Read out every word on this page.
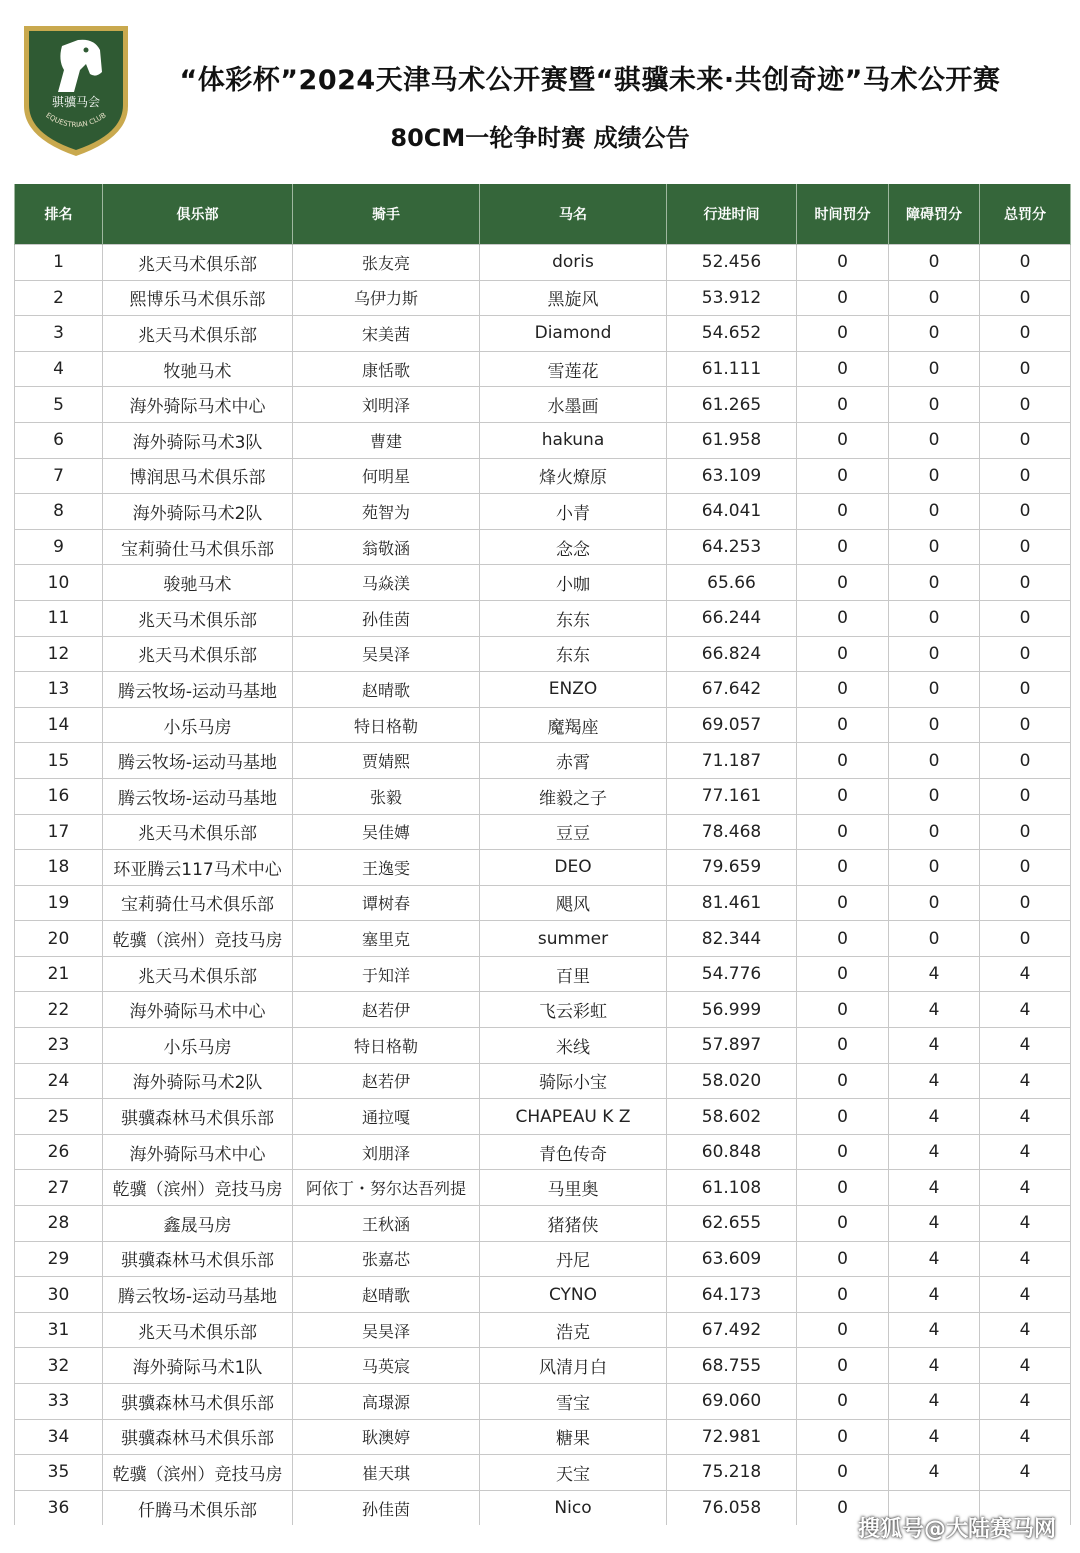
骐骥马会
EQUESTRIAN CLUB
“体彩杯”2024天津马术公开赛暨“骐骥未来·共创奇迹”马术公开赛
80CM一轮争时赛 成绩公告
排名	俱乐部	骑手	马名	行进时间	时间罚分	障碍罚分	总罚分
1	兆天马术俱乐部	张友亮	doris	52.456	0	0	0
2	熙博乐马术俱乐部	乌伊力斯	黑旋风	53.912	0	0	0
3	兆天马术俱乐部	宋美茜	Diamond	54.652	0	0	0
4	牧驰马术	康恬歌	雪莲花	61.111	0	0	0
5	海外骑际马术中心	刘明泽	水墨画	61.265	0	0	0
6	海外骑际马术3队	曹建	hakuna	61.958	0	0	0
7	博润思马术俱乐部	何明星	烽火燎原	63.109	0	0	0
8	海外骑际马术2队	苑智为	小青	64.041	0	0	0
9	宝莉骑仕马术俱乐部	翁敬涵	念念	64.253	0	0	0
10	骏驰马术	马焱渼	小咖	65.66	0	0	0
11	兆天马术俱乐部	孙佳茵	东东	66.244	0	0	0
12	兆天马术俱乐部	吴昊泽	东东	66.824	0	0	0
13	腾云牧场-运动马基地	赵晴歌	ENZO	67.642	0	0	0
14	小乐马房	特日格勒	魔羯座	69.057	0	0	0
15	腾云牧场-运动马基地	贾婧熙	赤霄	71.187	0	0	0
16	腾云牧场-运动马基地	张毅	维毅之子	77.161	0	0	0
17	兆天马术俱乐部	吴佳嫥	豆豆	78.468	0	0	0
18	环亚腾云117马术中心	王逸雯	DEO	79.659	0	0	0
19	宝莉骑仕马术俱乐部	谭树春	飓风	81.461	0	0	0
20	乾骥（滨州）竞技马房	塞里克	summer	82.344	0	0	0
21	兆天马术俱乐部	于知洋	百里	54.776	0	4	4
22	海外骑际马术中心	赵若伊	飞云彩虹	56.999	0	4	4
23	小乐马房	特日格勒	米线	57.897	0	4	4
24	海外骑际马术2队	赵若伊	骑际小宝	58.020	0	4	4
25	骐骥森林马术俱乐部	通拉嘎	CHAPEAU K Z	58.602	0	4	4
26	海外骑际马术中心	刘朋泽	青色传奇	60.848	0	4	4
27	乾骥（滨州）竞技马房	阿依丁・努尔达吾列提	马里奥	61.108	0	4	4
28	鑫晟马房	王秋涵	猪猪侠	62.655	0	4	4
29	骐骥森林马术俱乐部	张嘉芯	丹尼	63.609	0	4	4
30	腾云牧场-运动马基地	赵晴歌	CYNO	64.173	0	4	4
31	兆天马术俱乐部	吴昊泽	浩克	67.492	0	4	4
32	海外骑际马术1队	马英宸	风清月白	68.755	0	4	4
33	骐骥森林马术俱乐部	高璟源	雪宝	69.060	0	4	4
34	骐骥森林马术俱乐部	耿澳婷	糖果	72.981	0	4	4
35	乾骥（滨州）竞技马房	崔天琪	天宝	75.218	0	4	4
36	仟腾马术俱乐部	孙佳茵	Nico	76.058	0		
搜狐号@大陆赛马网
